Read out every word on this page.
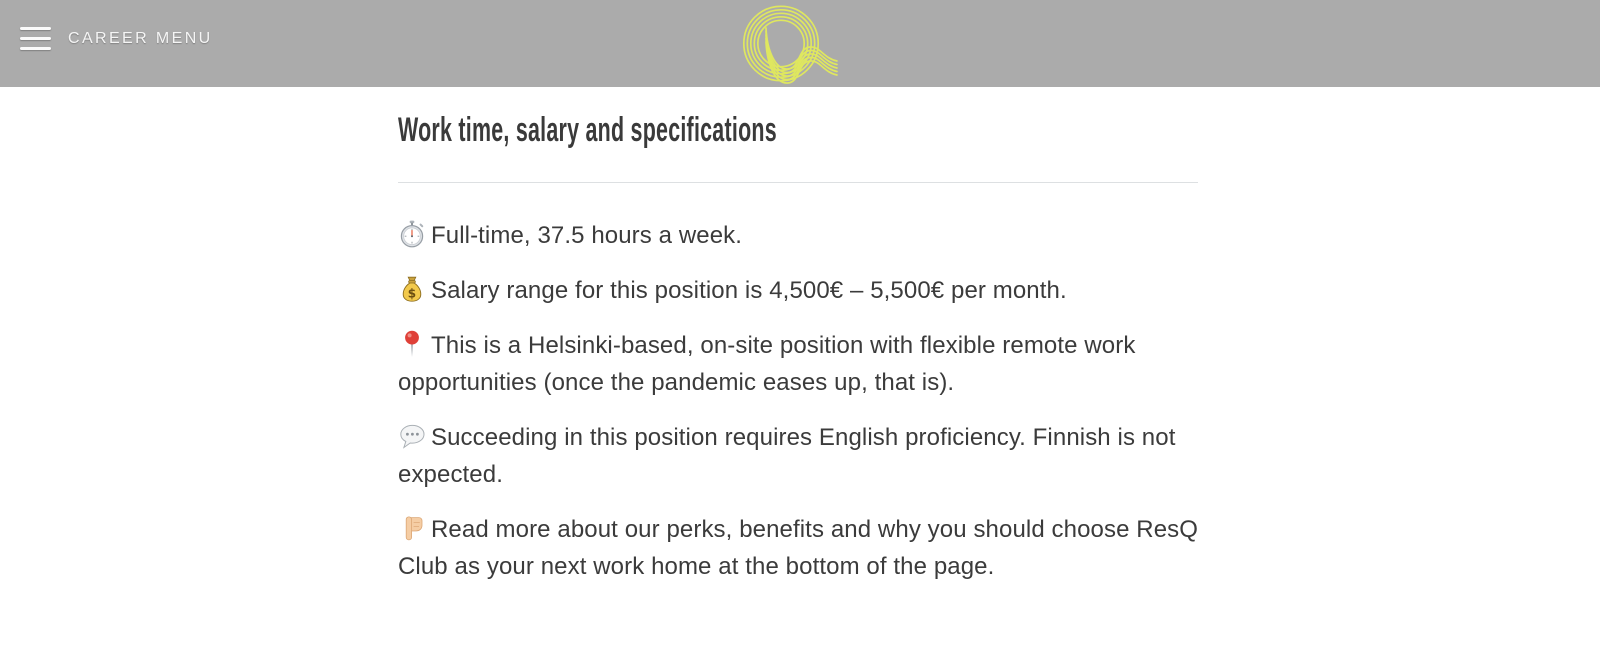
CAREER MENU
Work time, salary and specifications

Full-time, 37.5 hours a week.

$ Salary range for this position is 4,500€ – 5,500€ per month.

This is a Helsinki-based, on-site position with flexible remote work opportunities (once the pandemic eases up, that is).

Succeeding in this position requires English proficiency. Finnish is not expected.

Read more about our perks, benefits and why you should choose ResQ Club as your next work home at the bottom of the page.
